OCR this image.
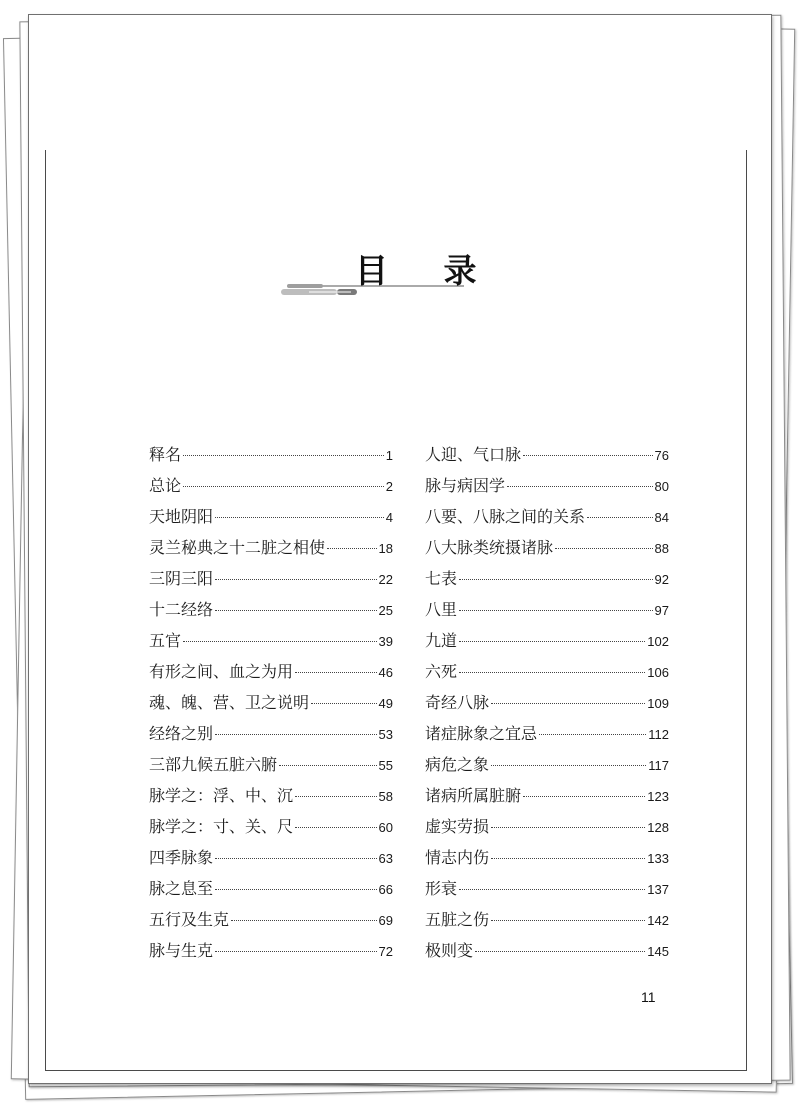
目 录
释名	1
总论	2
天地阴阳	4
灵兰秘典之十二脏之相使	18
三阴三阳	22
十二经络	25
五官	39
有形之间、血之为用	46
魂、魄、营、卫之说明	49
经络之别	53
三部九候五脏六腑	55
脉学之：浮、中、沉	58
脉学之：寸、关、尺	60
四季脉象	63
脉之息至	66
五行及生克	69
脉与生克	72
人迎、气口脉	76
脉与病因学	80
八要、八脉之间的关系	84
八大脉类统摄诸脉	88
七表	92
八里	97
九道	102
六死	106
奇经八脉	109
诸症脉象之宜忌	112
病危之象	117
诸病所属脏腑	123
虚实劳损	128
情志内伤	133
形衰	137
五脏之伤	142
极则变	145
11
